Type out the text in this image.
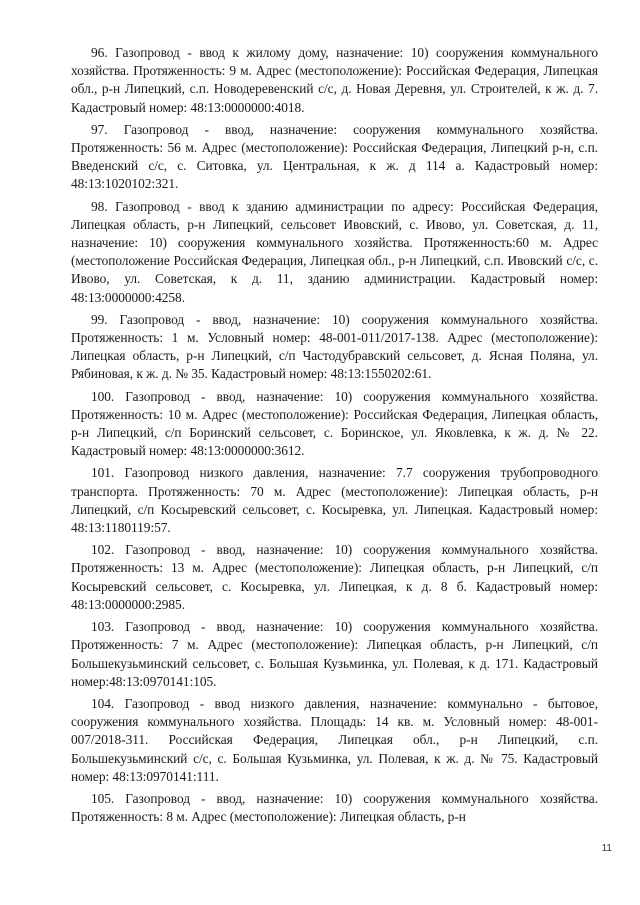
96. Газопровод - ввод к жилому дому, назначение: 10) сооружения коммунального хозяйства. Протяженность: 9 м. Адрес (местоположение): Российская Федерация, Липецкая обл., р-н Липецкий, с.п. Новодеревенский с/с, д. Новая Деревня, ул. Строителей, к ж. д. 7. Кадастровый номер: 48:13:0000000:4018.

97. Газопровод - ввод, назначение: сооружения коммунального хозяйства. Протяженность: 56 м. Адрес (местоположение): Российская Федерация, Липецкий р-н, с.п. Введенский с/с, с. Ситовка, ул. Центральная, к ж. д 114 а. Кадастровый номер: 48:13:1020102:321.

98. Газопровод - ввод к зданию администрации по адресу: Российская Федерация, Липецкая область, р-н Липецкий, сельсовет Ивовский, с. Ивово, ул. Советская, д. 11, назначение: 10) сооружения коммунального хозяйства. Протяженность:60 м. Адрес (местоположение Российская Федерация, Липецкая обл., р-н Липецкий, с.п. Ивовский с/с, с. Ивово, ул. Советская, к д. 11, зданию администрации. Кадастровый номер: 48:13:0000000:4258.

99. Газопровод - ввод, назначение: 10) сооружения коммунального хозяйства. Протяженность: 1 м. Условный номер: 48-001-011/2017-138. Адрес (местоположение): Липецкая область, р-н Липецкий, с/п Частодубравский сельсовет, д. Ясная Поляна, ул. Рябиновая, к ж. д. № 35. Кадастровый номер: 48:13:1550202:61.

100. Газопровод - ввод, назначение: 10) сооружения коммунального хозяйства. Протяженность: 10 м. Адрес (местоположение): Российская Федерация, Липецкая область, р-н Липецкий, с/п Боринский сельсовет, с. Боринское, ул. Яковлевка, к ж. д. № 22. Кадастровый номер: 48:13:0000000:3612.

101. Газопровод низкого давления, назначение: 7.7 сооружения трубопроводного транспорта. Протяженность: 70 м. Адрес (местоположение): Липецкая область, р-н Липецкий, с/п Косыревский сельсовет, с. Косыревка, ул. Липецкая. Кадастровый номер: 48:13:1180119:57.

102. Газопровод - ввод, назначение: 10) сооружения коммунального хозяйства. Протяженность: 13 м. Адрес (местоположение): Липецкая область, р-н Липецкий, с/п Косыревский сельсовет, с. Косыревка, ул. Липецкая, к д. 8 б. Кадастровый номер: 48:13:0000000:2985.

103. Газопровод - ввод, назначение: 10) сооружения коммунального хозяйства. Протяженность: 7 м. Адрес (местоположение): Липецкая область, р-н Липецкий, с/п Большекузьминский сельсовет, с. Большая Кузьминка, ул. Полевая, к д. 171. Кадастровый номер:48:13:0970141:105.

104. Газопровод - ввод низкого давления, назначение: коммунально - бытовое, сооружения коммунального хозяйства. Площадь: 14 кв. м. Условный номер: 48-001-007/2018-311. Российская Федерация, Липецкая обл., р-н Липецкий, с.п. Большекузьминский с/с, с. Большая Кузьминка, ул. Полевая, к ж. д. № 75. Кадастровый номер: 48:13:0970141:111.

105. Газопровод - ввод, назначение: 10) сооружения коммунального хозяйства. Протяженность: 8 м. Адрес (местоположение): Липецкая область, р-н

11
